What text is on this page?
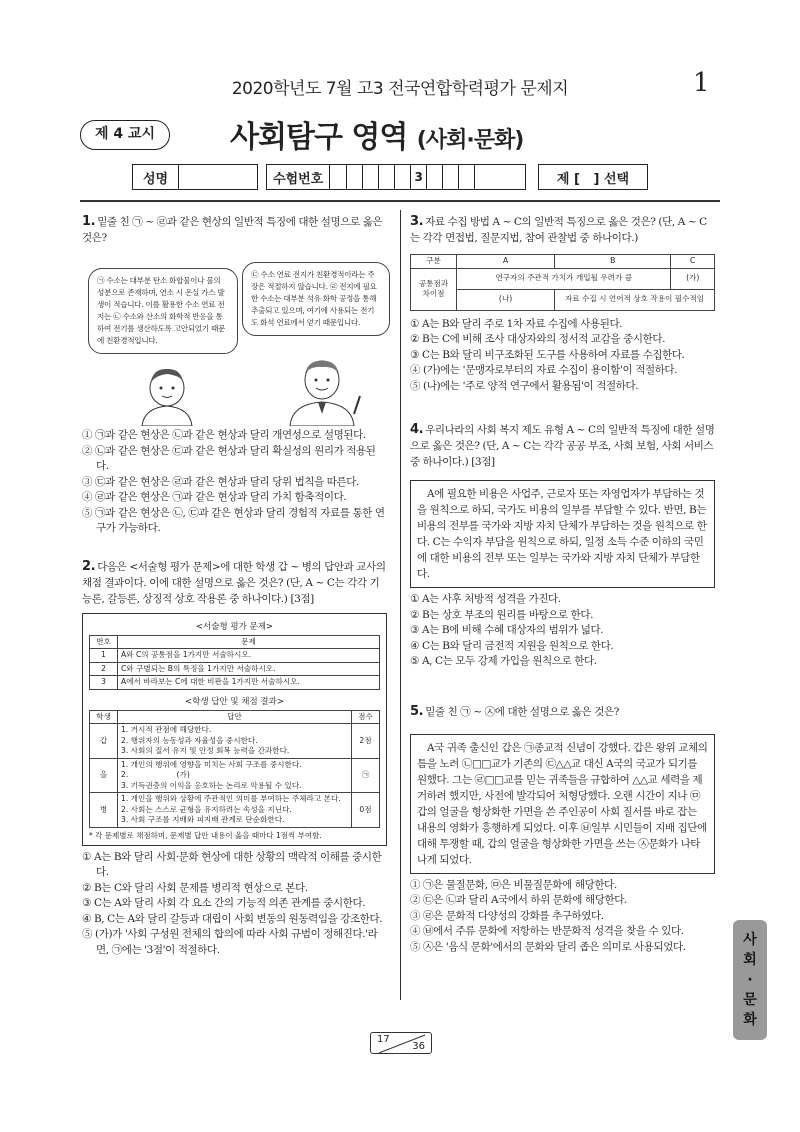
2020학년도 7월 고3 전국연합학력평가 문제지	1
제 4 교시	사회탐구 영역 (사회·문화)
성명	수험번호	3	제 [   ] 선택
1. 밑줄 친 ㉠ ~ ㉣과 같은 현상의 일반적 특징에 대한 설명으로 옳은 것은?
㉠ 수소는 대부분 탄소 화합물이나 물의 성분으로 존재하며, 연소 시 온실 가스 발생이 적습니다. 이를 활용한 수소 연료 전지는 ㉡ 수소와 산소의 화학적 반응을 통하여 전기를 생산하도록 고안되었기 때문에 친환경적입니다.
㉢ 수소 연료 전지가 친환경적이라는 주장은 적절하지 않습니다. ㉣ 전지에 필요한 수소는 대부분 석유 화학 공정을 통해 추출되고 있으며, 여기에 사용되는 전기도 화석 연료에서 얻기 때문입니다.
① ㉠과 같은 현상은 ㉡과 같은 현상과 달리 개연성으로 설명된다.
② ㉡과 같은 현상은 ㉢과 같은 현상과 달리 확실성의 원리가 적용된다.
③ ㉢과 같은 현상은 ㉣과 같은 현상과 달리 당위 법칙을 따른다.
④ ㉣과 같은 현상은 ㉠과 같은 현상과 달리 가치 함축적이다.
⑤ ㉠과 같은 현상은 ㉡, ㉢과 같은 현상과 달리 경험적 자료를 통한 연구가 가능하다.
2. 다음은 <서술형 평가 문제>에 대한 학생 갑 ~ 병의 답안과 교사의 채점 결과이다. 이에 대한 설명으로 옳은 것은? (단, A ~ C는 각각 기능론, 갈등론, 상징적 상호 작용론 중 하나이다.) [3점]
<서술형 평가 문제>
번호	문제
1	A와 C의 공통점을 1가지만 서술하시오.
2	C와 구별되는 B의 특징을 1가지만 서술하시오.
3	A에서 바라보는 C에 대한 비판을 1가지만 서술하시오.
<학생 답안 및 채점 결과>
학생	답안	점수
갑	1. 거시적 관점에 해당한다.
2. 행위자의 능동성과 자율성을 중시한다.
3. 사회의 질서 유지 및 안정 회복 능력을 간과한다.	2점
을	1. 개인의 행위에 영향을 미치는 사회 구조를 중시한다.
2.                    (가)
3. 기득권층의 이익을 옹호하는 논리로 악용될 수 있다.	㉠
병	1. 개인을 행위와 상황에 주관적인 의미를 부여하는 주체라고 본다.
2. 사회는 스스로 균형을 유지하려는 속성을 지닌다.
3. 사회 구조를 지배와 피지배 관계로 단순화한다.	0점
* 각 문제별로 채점하며, 문제별 답안 내용이 옳을 때마다 1점씩 부여함.
① A는 B와 달리 사회·문화 현상에 대한 상황의 맥락적 이해를 중시한다.
② B는 C와 달리 사회 문제를 병리적 현상으로 본다.
③ C는 A와 달리 사회 각 요소 간의 기능적 의존 관계를 중시한다.
④ B, C는 A와 달리 갈등과 대립이 사회 변동의 원동력임을 강조한다.
⑤ (가)가 '사회 구성원 전체의 합의에 따라 사회 규범이 정해진다.'라면, ㉠에는 '3점'이 적절하다.
3. 자료 수집 방법 A ~ C의 일반적 특징으로 옳은 것은? (단, A ~ C는 각각 면접법, 질문지법, 참여 관찰법 중 하나이다.)
구분	A	B	C
공통점과 차이점	연구자의 주관적 가치가 개입될 우려가 큼		(가)
	(나)	자료 수집 시 언어적 상호 작용이 필수적임	
① A는 B와 달리 주로 1차 자료 수집에 사용된다.
② B는 C에 비해 조사 대상자와의 정서적 교감을 중시한다.
③ C는 B와 달리 비구조화된 도구를 사용하여 자료를 수집한다.
④ (가)에는 '문맹자로부터의 자료 수집이 용이함'이 적절하다.
⑤ (나)에는 '주로 양적 연구에서 활용됨'이 적절하다.
4. 우리나라의 사회 복지 제도 유형 A ~ C의 일반적 특징에 대한 설명으로 옳은 것은? (단, A ~ C는 각각 공공 부조, 사회 보험, 사회 서비스 중 하나이다.) [3점]
A에 필요한 비용은 사업주, 근로자 또는 자영업자가 부담하는 것을 원칙으로 하되, 국가도 비용의 일부를 부담할 수 있다. 반면, B는 비용의 전부를 국가와 지방 자치 단체가 부담하는 것을 원칙으로 한다. C는 수익자 부담을 원칙으로 하되, 일정 소득 수준 이하의 국민에 대한 비용의 전부 또는 일부는 국가와 지방 자치 단체가 부담한다.
① A는 사후 처방적 성격을 가진다.
② B는 상호 부조의 원리를 바탕으로 한다.
③ A는 B에 비해 수혜 대상자의 범위가 넓다.
④ C는 B와 달리 금전적 지원을 원칙으로 한다.
⑤ A, C는 모두 강제 가입을 원칙으로 한다.
5. 밑줄 친 ㉠ ~ ㉦에 대한 설명으로 옳은 것은?
A국 귀족 출신인 갑은 ㉠종교적 신념이 강했다. 갑은 왕위 교체의 틈을 노려 ㉡□□교가 기존의 ㉢△△교 대신 A국의 국교가 되기를 원했다. 그는 ㉣□□교를 믿는 귀족들을 규합하여 △△교 세력을 제거하려 했지만, 사전에 발각되어 처형당했다. 오랜 시간이 지나 ㉤갑의 얼굴을 형상화한 가면을 쓴 주인공이 사회 질서를 바로 잡는 내용의 영화가 흥행하게 되었다. 이후 ㉥일부 시민들이 지배 집단에 대해 투쟁할 때, 갑의 얼굴을 형상화한 가면을 쓰는 ㉦문화가 나타나게 되었다.
① ㉠은 물질문화, ㉤은 비물질문화에 해당한다.
② ㉢은 ㉡과 달리 A국에서 하위 문화에 해당한다.
③ ㉣은 문화적 다양성의 강화를 추구하였다.
④ ㉥에서 주류 문화에 저항하는 반문화적 성격을 찾을 수 있다.
⑤ ㉦은 '음식 문화'에서의 문화와 달리 좁은 의미로 사용되었다.
17
36
사
회
·
문
화
